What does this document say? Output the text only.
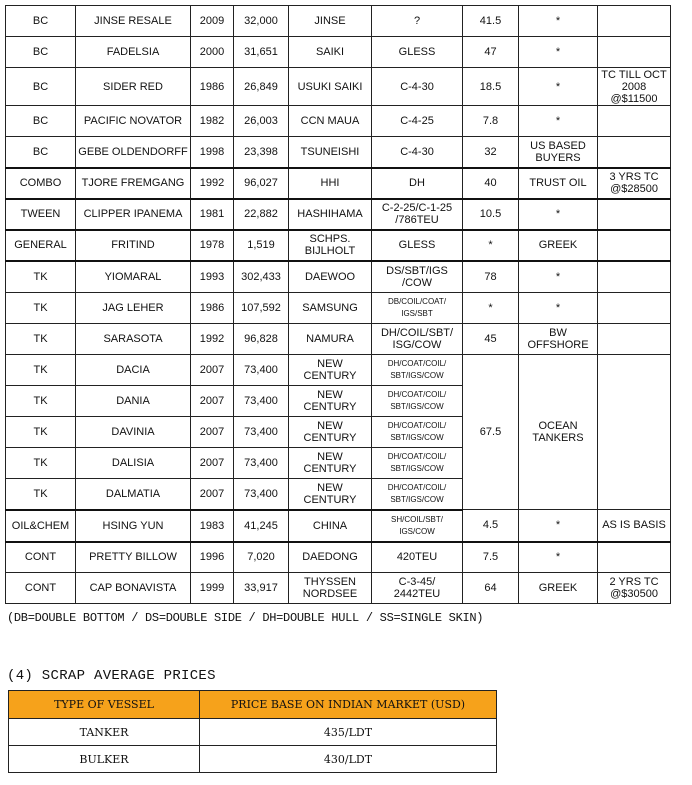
BC	JINSE RESALE	2009	32,000	JINSE	?	41.5	*	
BC	FADELSIA	2000	31,651	SAIKI	GLESS	47	*	
BC	SIDER RED	1986	26,849	USUKI SAIKI	C-4-30	18.5	*	TC TILL OCT 2008 @$11500
BC	PACIFIC NOVATOR	1982	26,003	CCN MAUA	C-4-25	7.8	*	
BC	GEBE OLDENDORFF	1998	23,398	TSUNEISHI	C-4-30	32	US BASED BUYERS	
COMBO	TJORE FREMGANG	1992	96,027	HHI	DH	40	TRUST OIL	3 YRS TC @$28500
TWEEN	CLIPPER IPANEMA	1981	22,882	HASHIHAMA	C-2-25/C-1-25 /786TEU	10.5	*	
GENERAL	FRITIND	1978	1,519	SCHPS. BIJLHOLT	GLESS	*	GREEK	
TK	YIOMARAL	1993	302,433	DAEWOO	DS/SBT/IGS /COW	78	*	
TK	JAG LEHER	1986	107,592	SAMSUNG	DB/COIL/COAT/ IGS/SBT	*	*	
TK	SARASOTA	1992	96,828	NAMURA	DH/COIL/SBT/ ISG/COW	45	BW OFFSHORE	
TK	DACIA	2007	73,400	NEW CENTURY	DH/COAT/COIL/ SBT/IGS/COW	67.5	OCEAN TANKERS	
TK	DANIA	2007	73,400	NEW CENTURY	DH/COAT/COIL/ SBT/IGS/COW			
TK	DAVINIA	2007	73,400	NEW CENTURY	DH/COAT/COIL/ SBT/IGS/COW			
TK	DALISIA	2007	73,400	NEW CENTURY	DH/COAT/COIL/ SBT/IGS/COW			
TK	DALMATIA	2007	73,400	NEW CENTURY	DH/COAT/COIL/ SBT/IGS/COW			
OIL&CHEM	HSING YUN	1983	41,245	CHINA	SH/COIL/SBT/ IGS/COW	4.5	*	AS IS BASIS
CONT	PRETTY BILLOW	1996	7,020	DAEDONG	420TEU	7.5	*	
CONT	CAP BONAVISTA	1999	33,917	THYSSEN NORDSEE	C-3-45/ 2442TEU	64	GREEK	2 YRS TC @$30500
(DB=DOUBLE BOTTOM / DS=DOUBLE SIDE / DH=DOUBLE HULL / SS=SINGLE SKIN)
(4) SCRAP AVERAGE PRICES
TYPE OF VESSEL	PRICE BASE ON INDIAN MARKET (USD)
TANKER	435/LDT
BULKER	430/LDT
